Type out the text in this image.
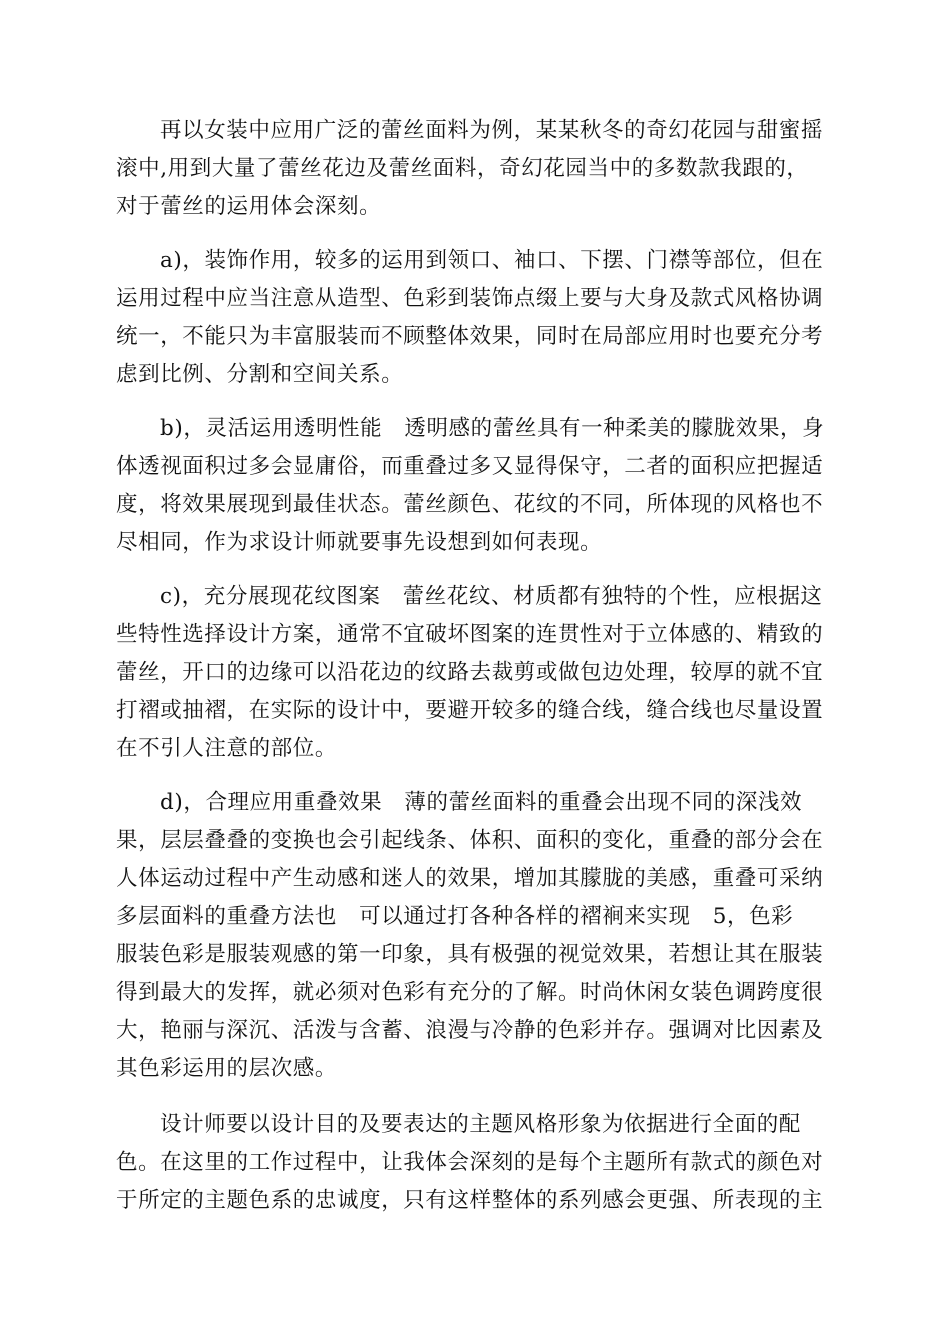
再以女装中应用广泛的蕾丝面料为例，某某秋冬的奇幻花园与甜蜜摇
滚中,用到大量了蕾丝花边及蕾丝面料，奇幻花园当中的多数款我跟的，
对于蕾丝的运用体会深刻。
a)，装饰作用，较多的运用到领口、袖口、下摆、门襟等部位，但在
运用过程中应当注意从造型、色彩到装饰点缀上要与大身及款式风格协调
统一，不能只为丰富服装而不顾整体效果，同时在局部应用时也要充分考
虑到比例、分割和空间关系。
b)，灵活运用透明性能　透明感的蕾丝具有一种柔美的朦胧效果，身
体透视面积过多会显庸俗，而重叠过多又显得保守，二者的面积应把握适
度，将效果展现到最佳状态。蕾丝颜色、花纹的不同，所体现的风格也不
尽相同，作为求设计师就要事先设想到如何表现。
c)，充分展现花纹图案　蕾丝花纹、材质都有独特的个性，应根据这
些特性选择设计方案，通常不宜破坏图案的连贯性对于立体感的、精致的
蕾丝，开口的边缘可以沿花边的纹路去裁剪或做包边处理，较厚的就不宜
打褶或抽褶，在实际的设计中，要避开较多的缝合线，缝合线也尽量设置
在不引人注意的部位。
d)，合理应用重叠效果　薄的蕾丝面料的重叠会出现不同的深浅效
果，层层叠叠的变换也会引起线条、体积、面积的变化，重叠的部分会在
人体运动过程中产生动感和迷人的效果，增加其朦胧的美感，重叠可采纳
多层面料的重叠方法也　可以通过打各种各样的褶裥来实现　5，色彩
服装色彩是服装观感的第一印象，具有极强的视觉效果，若想让其在服装
得到最大的发挥，就必须对色彩有充分的了解。时尚休闲女装色调跨度很
大，艳丽与深沉、活泼与含蓄、浪漫与冷静的色彩并存。强调对比因素及
其色彩运用的层次感。
设计师要以设计目的及要表达的主题风格形象为依据进行全面的配
色。在这里的工作过程中，让我体会深刻的是每个主题所有款式的颜色对
于所定的主题色系的忠诚度，只有这样整体的系列感会更强、所表现的主
